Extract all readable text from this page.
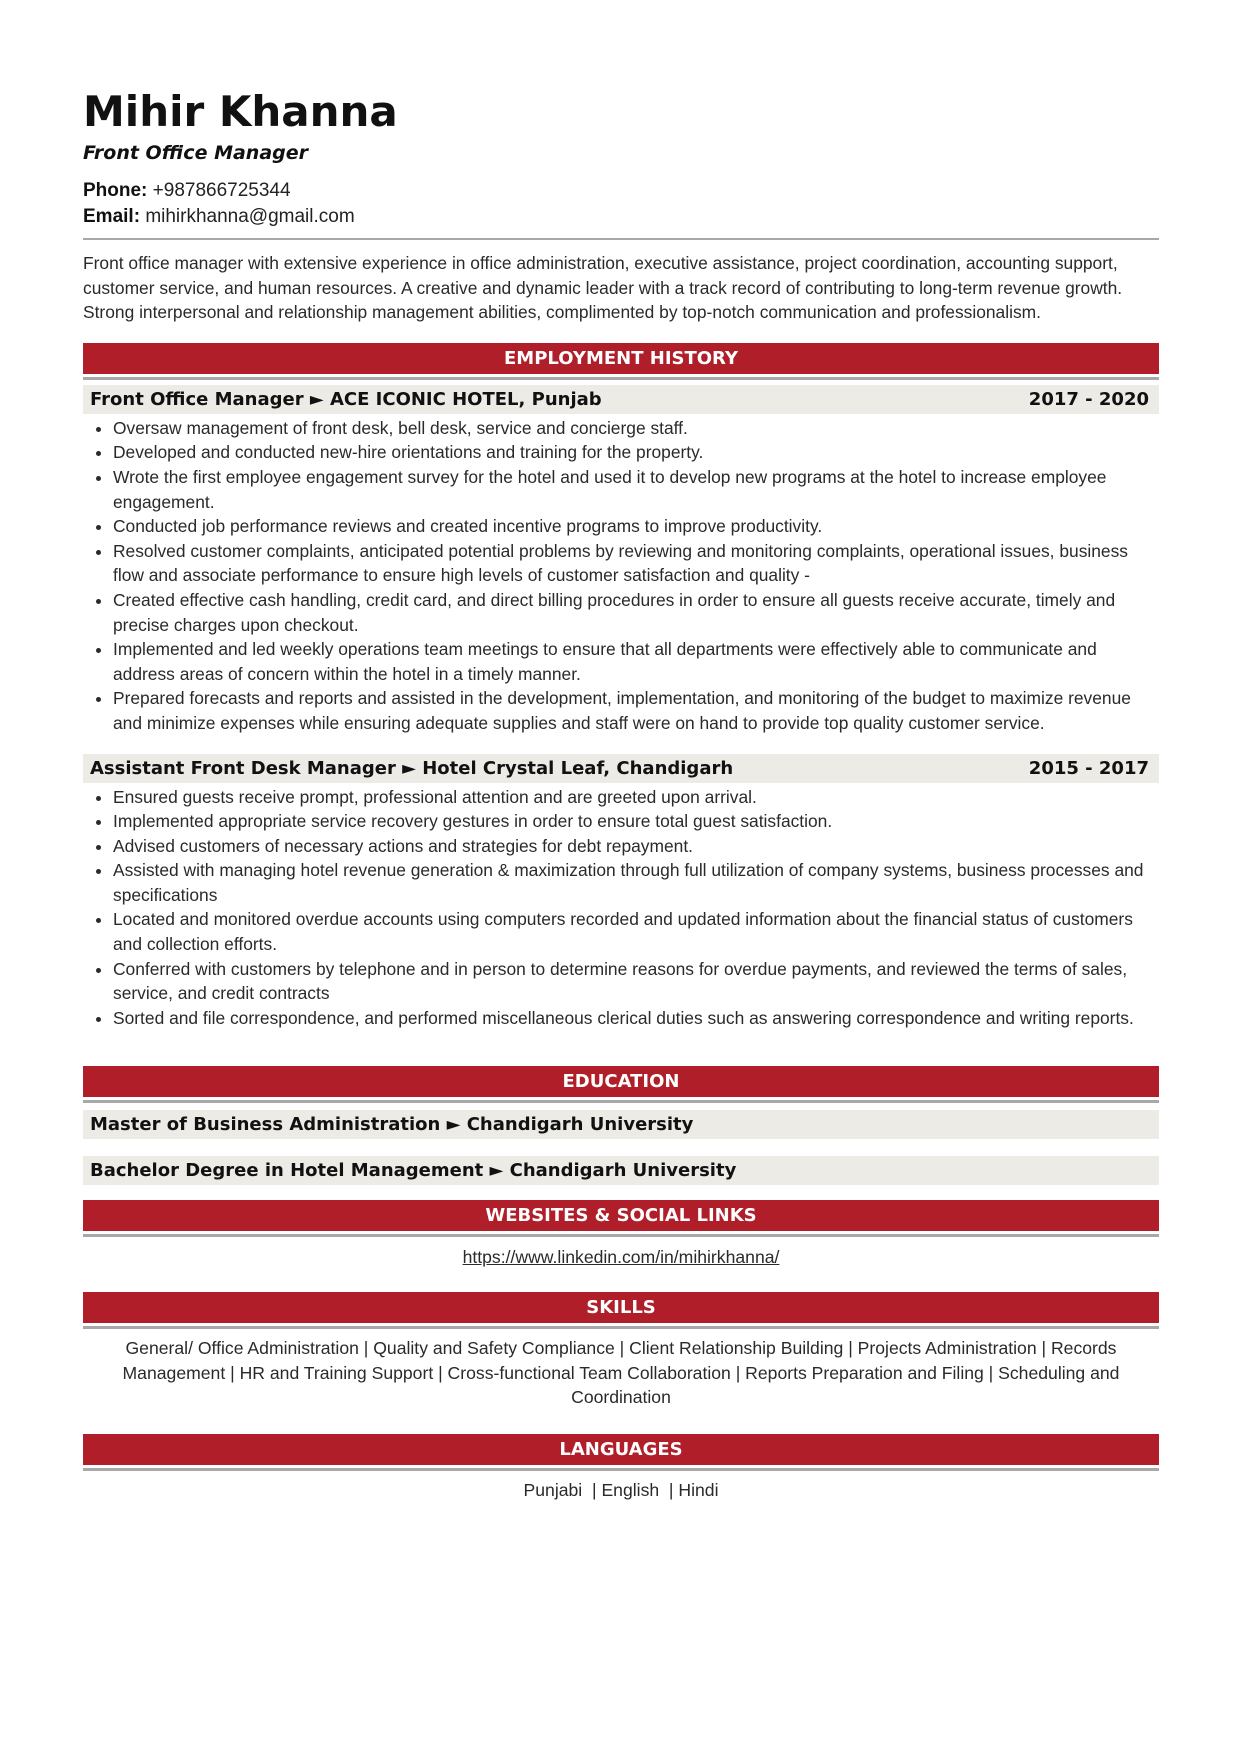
Mihir Khanna
Front Office Manager
Phone: +987866725344
Email: mihirkhanna@gmail.com
Front office manager with extensive experience in office administration, executive assistance, project coordination, accounting support, customer service, and human resources. A creative and dynamic leader with a track record of contributing to long-term revenue growth. Strong interpersonal and relationship management abilities, complimented by top-notch communication and professionalism.
EMPLOYMENT HISTORY
Front Office Manager ► ACE ICONIC HOTEL, Punjab	2017 - 2020
• Oversaw management of front desk, bell desk, service and concierge staff.
• Developed and conducted new-hire orientations and training for the property.
• Wrote the first employee engagement survey for the hotel and used it to develop new programs at the hotel to increase employee engagement.
• Conducted job performance reviews and created incentive programs to improve productivity.
• Resolved customer complaints, anticipated potential problems by reviewing and monitoring complaints, operational issues, business flow and associate performance to ensure high levels of customer satisfaction and quality -
• Created effective cash handling, credit card, and direct billing procedures in order to ensure all guests receive accurate, timely and precise charges upon checkout.
• Implemented and led weekly operations team meetings to ensure that all departments were effectively able to communicate and address areas of concern within the hotel in a timely manner.
• Prepared forecasts and reports and assisted in the development, implementation, and monitoring of the budget to maximize revenue and minimize expenses while ensuring adequate supplies and staff were on hand to provide top quality customer service.
Assistant Front Desk Manager ► Hotel Crystal Leaf, Chandigarh	2015 - 2017
• Ensured guests receive prompt, professional attention and are greeted upon arrival.
• Implemented appropriate service recovery gestures in order to ensure total guest satisfaction.
• Advised customers of necessary actions and strategies for debt repayment.
• Assisted with managing hotel revenue generation & maximization through full utilization of company systems, business processes and specifications
• Located and monitored overdue accounts using computers recorded and updated information about the financial status of customers and collection efforts.
• Conferred with customers by telephone and in person to determine reasons for overdue payments, and reviewed the terms of sales, service, and credit contracts
• Sorted and file correspondence, and performed miscellaneous clerical duties such as answering correspondence and writing reports.
EDUCATION
Master of Business Administration ► Chandigarh University
Bachelor Degree in Hotel Management ► Chandigarh University
WEBSITES & SOCIAL LINKS
https://www.linkedin.com/in/mihirkhanna/
SKILLS
General/ Office Administration | Quality and Safety Compliance | Client Relationship Building | Projects Administration | Records Management | HR and Training Support | Cross-functional Team Collaboration | Reports Preparation and Filing | Scheduling and Coordination
LANGUAGES
Punjabi  | English  | Hindi
